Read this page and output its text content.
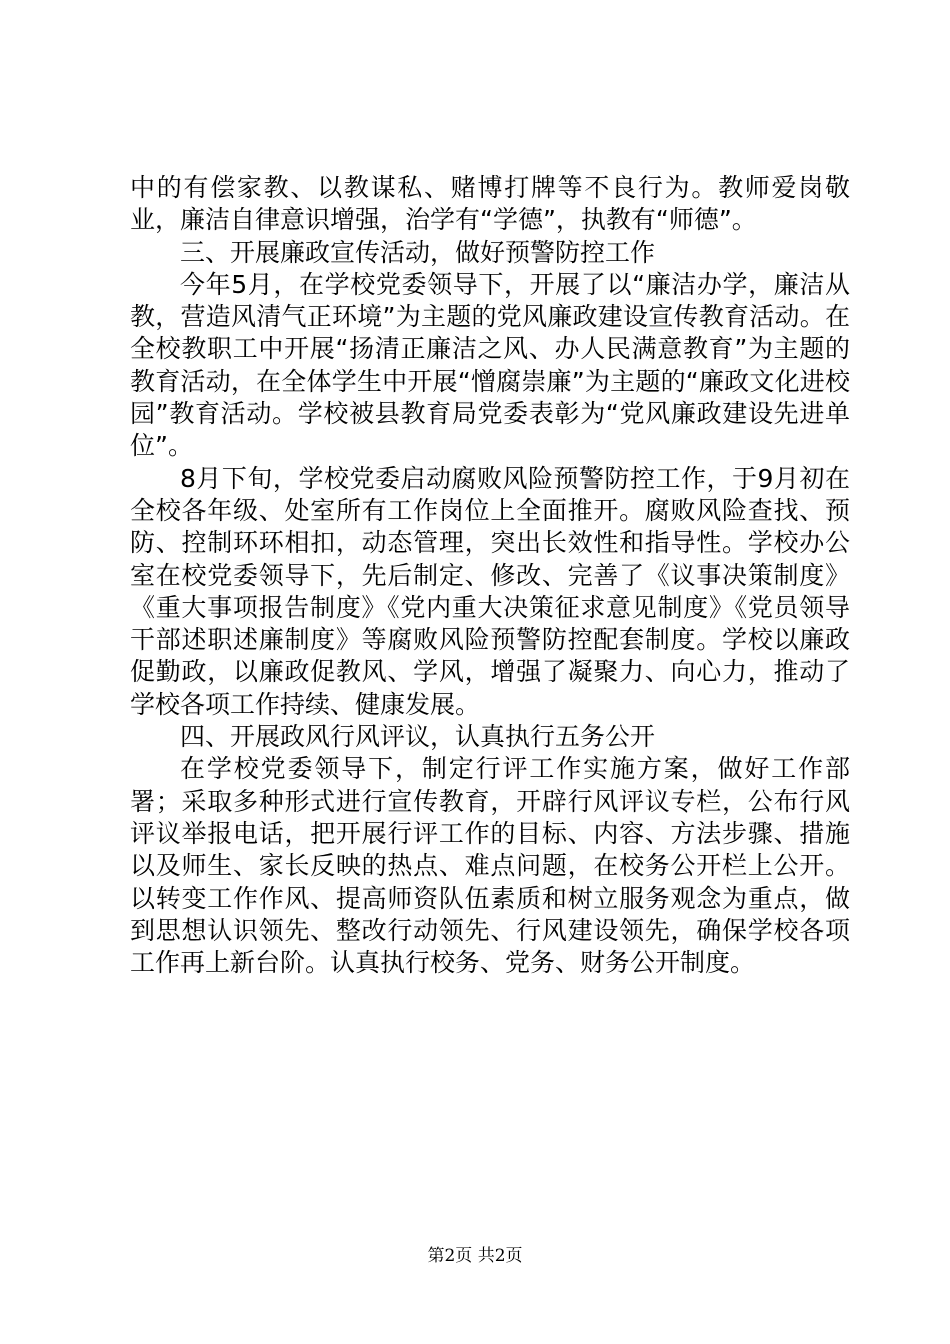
中的有偿家教、以教谋私、赌博打牌等不良行为。教师爱岗敬业，廉洁自律意识增强，治学有“学德”，执教有“师德”。

三、开展廉政宣传活动，做好预警防控工作

今年5月，在学校党委领导下，开展了以“廉洁办学，廉洁从教，营造风清气正环境”为主题的党风廉政建设宣传教育活动。在全校教职工中开展“扬清正廉洁之风、办人民满意教育”为主题的教育活动，在全体学生中开展“憎腐崇廉”为主题的“廉政文化进校园”教育活动。学校被县教育局党委表彰为“党风廉政建设先进单位”。

8月下旬，学校党委启动腐败风险预警防控工作，于9月初在全校各年级、处室所有工作岗位上全面推开。腐败风险查找、预防、控制环环相扣，动态管理，突出长效性和指导性。学校办公室在校党委领导下，先后制定、修改、完善了《议事决策制度》《重大事项报告制度》《党内重大决策征求意见制度》《党员领导干部述职述廉制度》等腐败风险预警防控配套制度。学校以廉政促勤政，以廉政促教风、学风，增强了凝聚力、向心力，推动了学校各项工作持续、健康发展。

四、开展政风行风评议，认真执行五务公开

在学校党委领导下，制定行评工作实施方案，做好工作部署；采取多种形式进行宣传教育，开辟行风评议专栏，公布行风评议举报电话，把开展行评工作的目标、内容、方法步骤、措施以及师生、家长反映的热点、难点问题，在校务公开栏上公开。以转变工作作风、提高师资队伍素质和树立服务观念为重点，做到思想认识领先、整改行动领先、行风建设领先，确保学校各项工作再上新台阶。认真执行校务、党务、财务公开制度。

第2页 共2页
